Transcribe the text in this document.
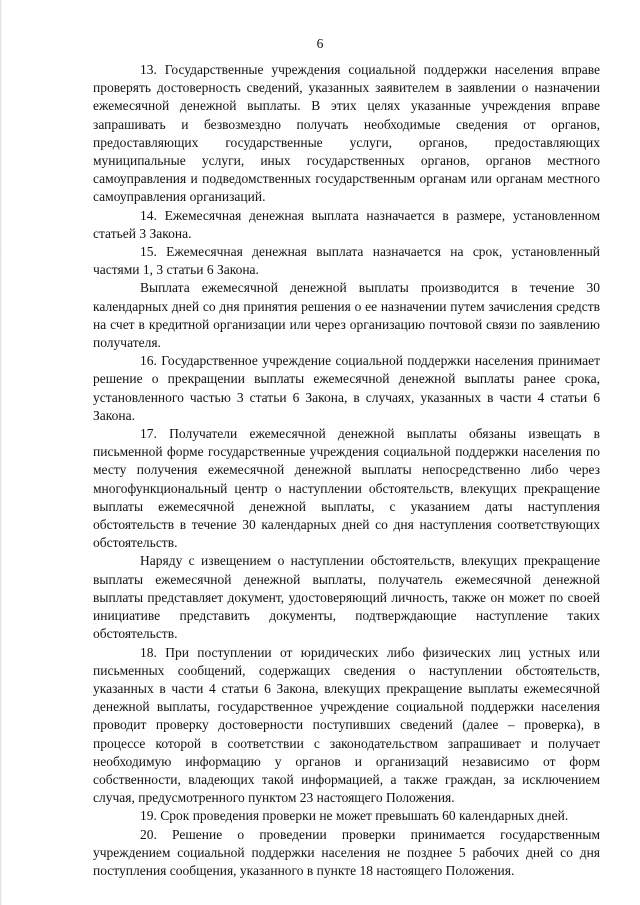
6

13. Государственные учреждения социальной поддержки населения вправе проверять достоверность сведений, указанных заявителем в заявлении о назначении ежемесячной денежной выплаты. В этих целях указанные учреждения вправе запрашивать и безвозмездно получать необходимые сведения от органов, предоставляющих государственные услуги, органов, предоставляющих муниципальные услуги, иных государственных органов, органов местного самоуправления и подведомственных государственным органам или органам местного самоуправления организаций.

14. Ежемесячная денежная выплата назначается в размере, установленном статьей 3 Закона.

15. Ежемесячная денежная выплата назначается на срок, установленный частями 1, 3 статьи 6 Закона.

Выплата ежемесячной денежной выплаты производится в течение 30 календарных дней со дня принятия решения о ее назначении путем зачисления средств на счет в кредитной организации или через организацию почтовой связи по заявлению получателя.

16. Государственное учреждение социальной поддержки населения принимает решение о прекращении выплаты ежемесячной денежной выплаты ранее срока, установленного частью 3 статьи 6 Закона, в случаях, указанных в части 4 статьи 6 Закона.

17. Получатели ежемесячной денежной выплаты обязаны извещать в письменной форме государственные учреждения социальной поддержки населения по месту получения ежемесячной денежной выплаты непосредственно либо через многофункциональный центр о наступлении обстоятельств, влекущих прекращение выплаты ежемесячной денежной выплаты, с указанием даты наступления обстоятельств в течение 30 календарных дней со дня наступления соответствующих обстоятельств.

Наряду с извещением о наступлении обстоятельств, влекущих прекращение выплаты ежемесячной денежной выплаты, получатель ежемесячной денежной выплаты представляет документ, удостоверяющий личность, также он может по своей инициативе представить документы, подтверждающие наступление таких обстоятельств.

18. При поступлении от юридических либо физических лиц устных или письменных сообщений, содержащих сведения о наступлении обстоятельств, указанных в части 4 статьи 6 Закона, влекущих прекращение выплаты ежемесячной денежной выплаты, государственное учреждение социальной поддержки населения проводит проверку достоверности поступивших сведений (далее – проверка), в процессе которой в соответствии с законодательством запрашивает и получает необходимую информацию у органов и организаций независимо от форм собственности, владеющих такой информацией, а также граждан, за исключением случая, предусмотренного пунктом 23 настоящего Положения.

19. Срок проведения проверки не может превышать 60 календарных дней.

20. Решение о проведении проверки принимается государственным учреждением социальной поддержки населения не позднее 5 рабочих дней со дня поступления сообщения, указанного в пункте 18 настоящего Положения.
